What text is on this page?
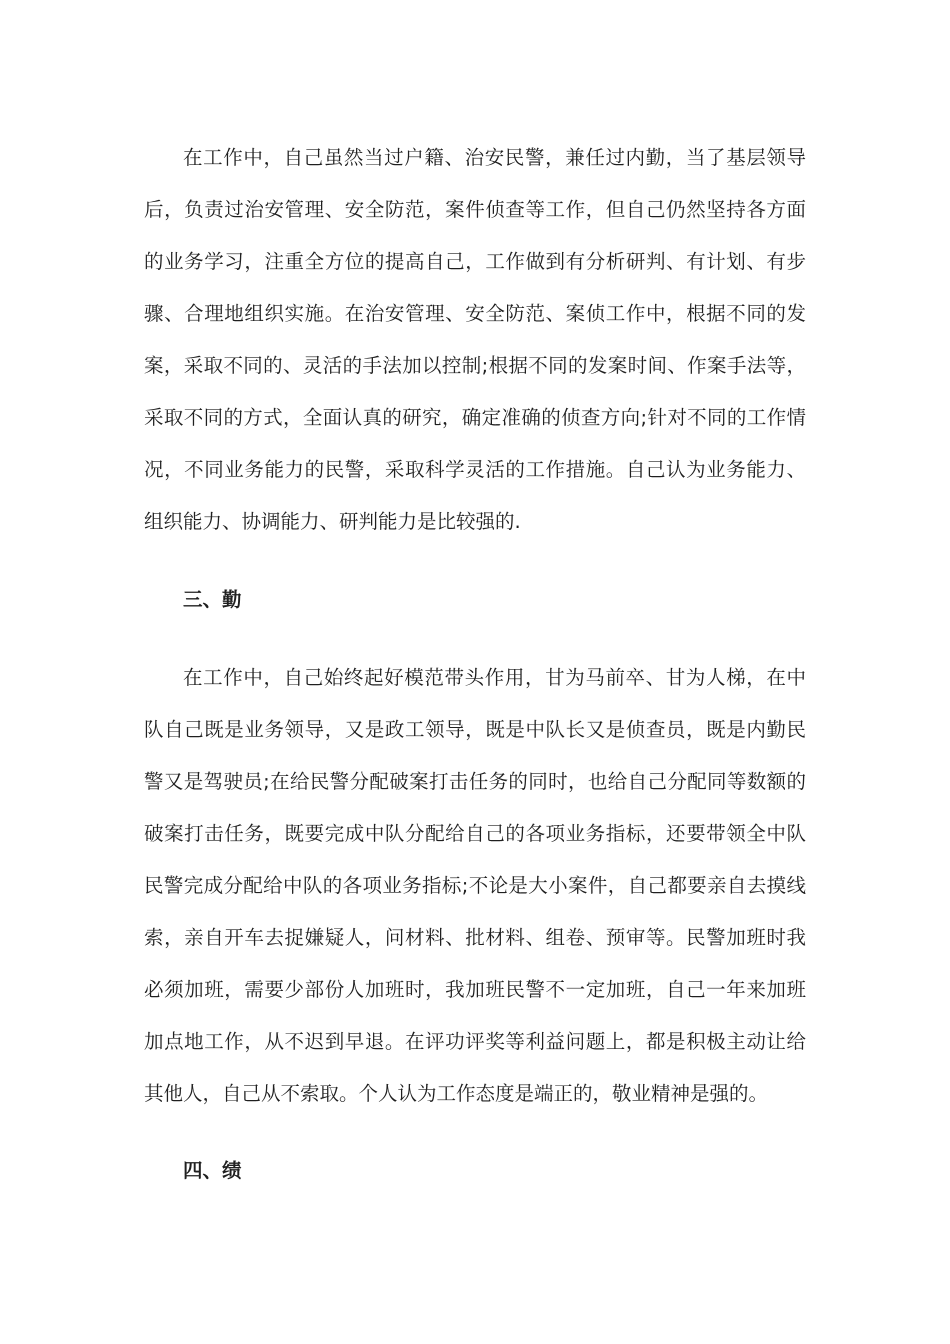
在工作中，自己虽然当过户籍、治安民警，兼任过内勤，当了基层领导后，负责过治安管理、安全防范，案件侦查等工作，但自己仍然坚持各方面的业务学习，注重全方位的提高自己，工作做到有分析研判、有计划、有步骤、合理地组织实施。在治安管理、安全防范、案侦工作中，根据不同的发案，采取不同的、灵活的手法加以控制;根据不同的发案时间、作案手法等，采取不同的方式，全面认真的研究，确定准确的侦查方向;针对不同的工作情况，不同业务能力的民警，采取科学灵活的工作措施。自己认为业务能力、组织能力、协调能力、研判能力是比较强的.

三、勤

在工作中，自己始终起好模范带头作用，甘为马前卒、甘为人梯，在中队自己既是业务领导，又是政工领导，既是中队长又是侦查员，既是内勤民警又是驾驶员;在给民警分配破案打击任务的同时，也给自己分配同等数额的破案打击任务，既要完成中队分配给自己的各项业务指标，还要带领全中队民警完成分配给中队的各项业务指标;不论是大小案件，自己都要亲自去摸线索，亲自开车去捉嫌疑人，问材料、批材料、组卷、预审等。民警加班时我必须加班，需要少部份人加班时，我加班民警不一定加班，自己一年来加班加点地工作，从不迟到早退。在评功评奖等利益问题上，都是积极主动让给其他人，自己从不索取。个人认为工作态度是端正的，敬业精神是强的。

四、绩
